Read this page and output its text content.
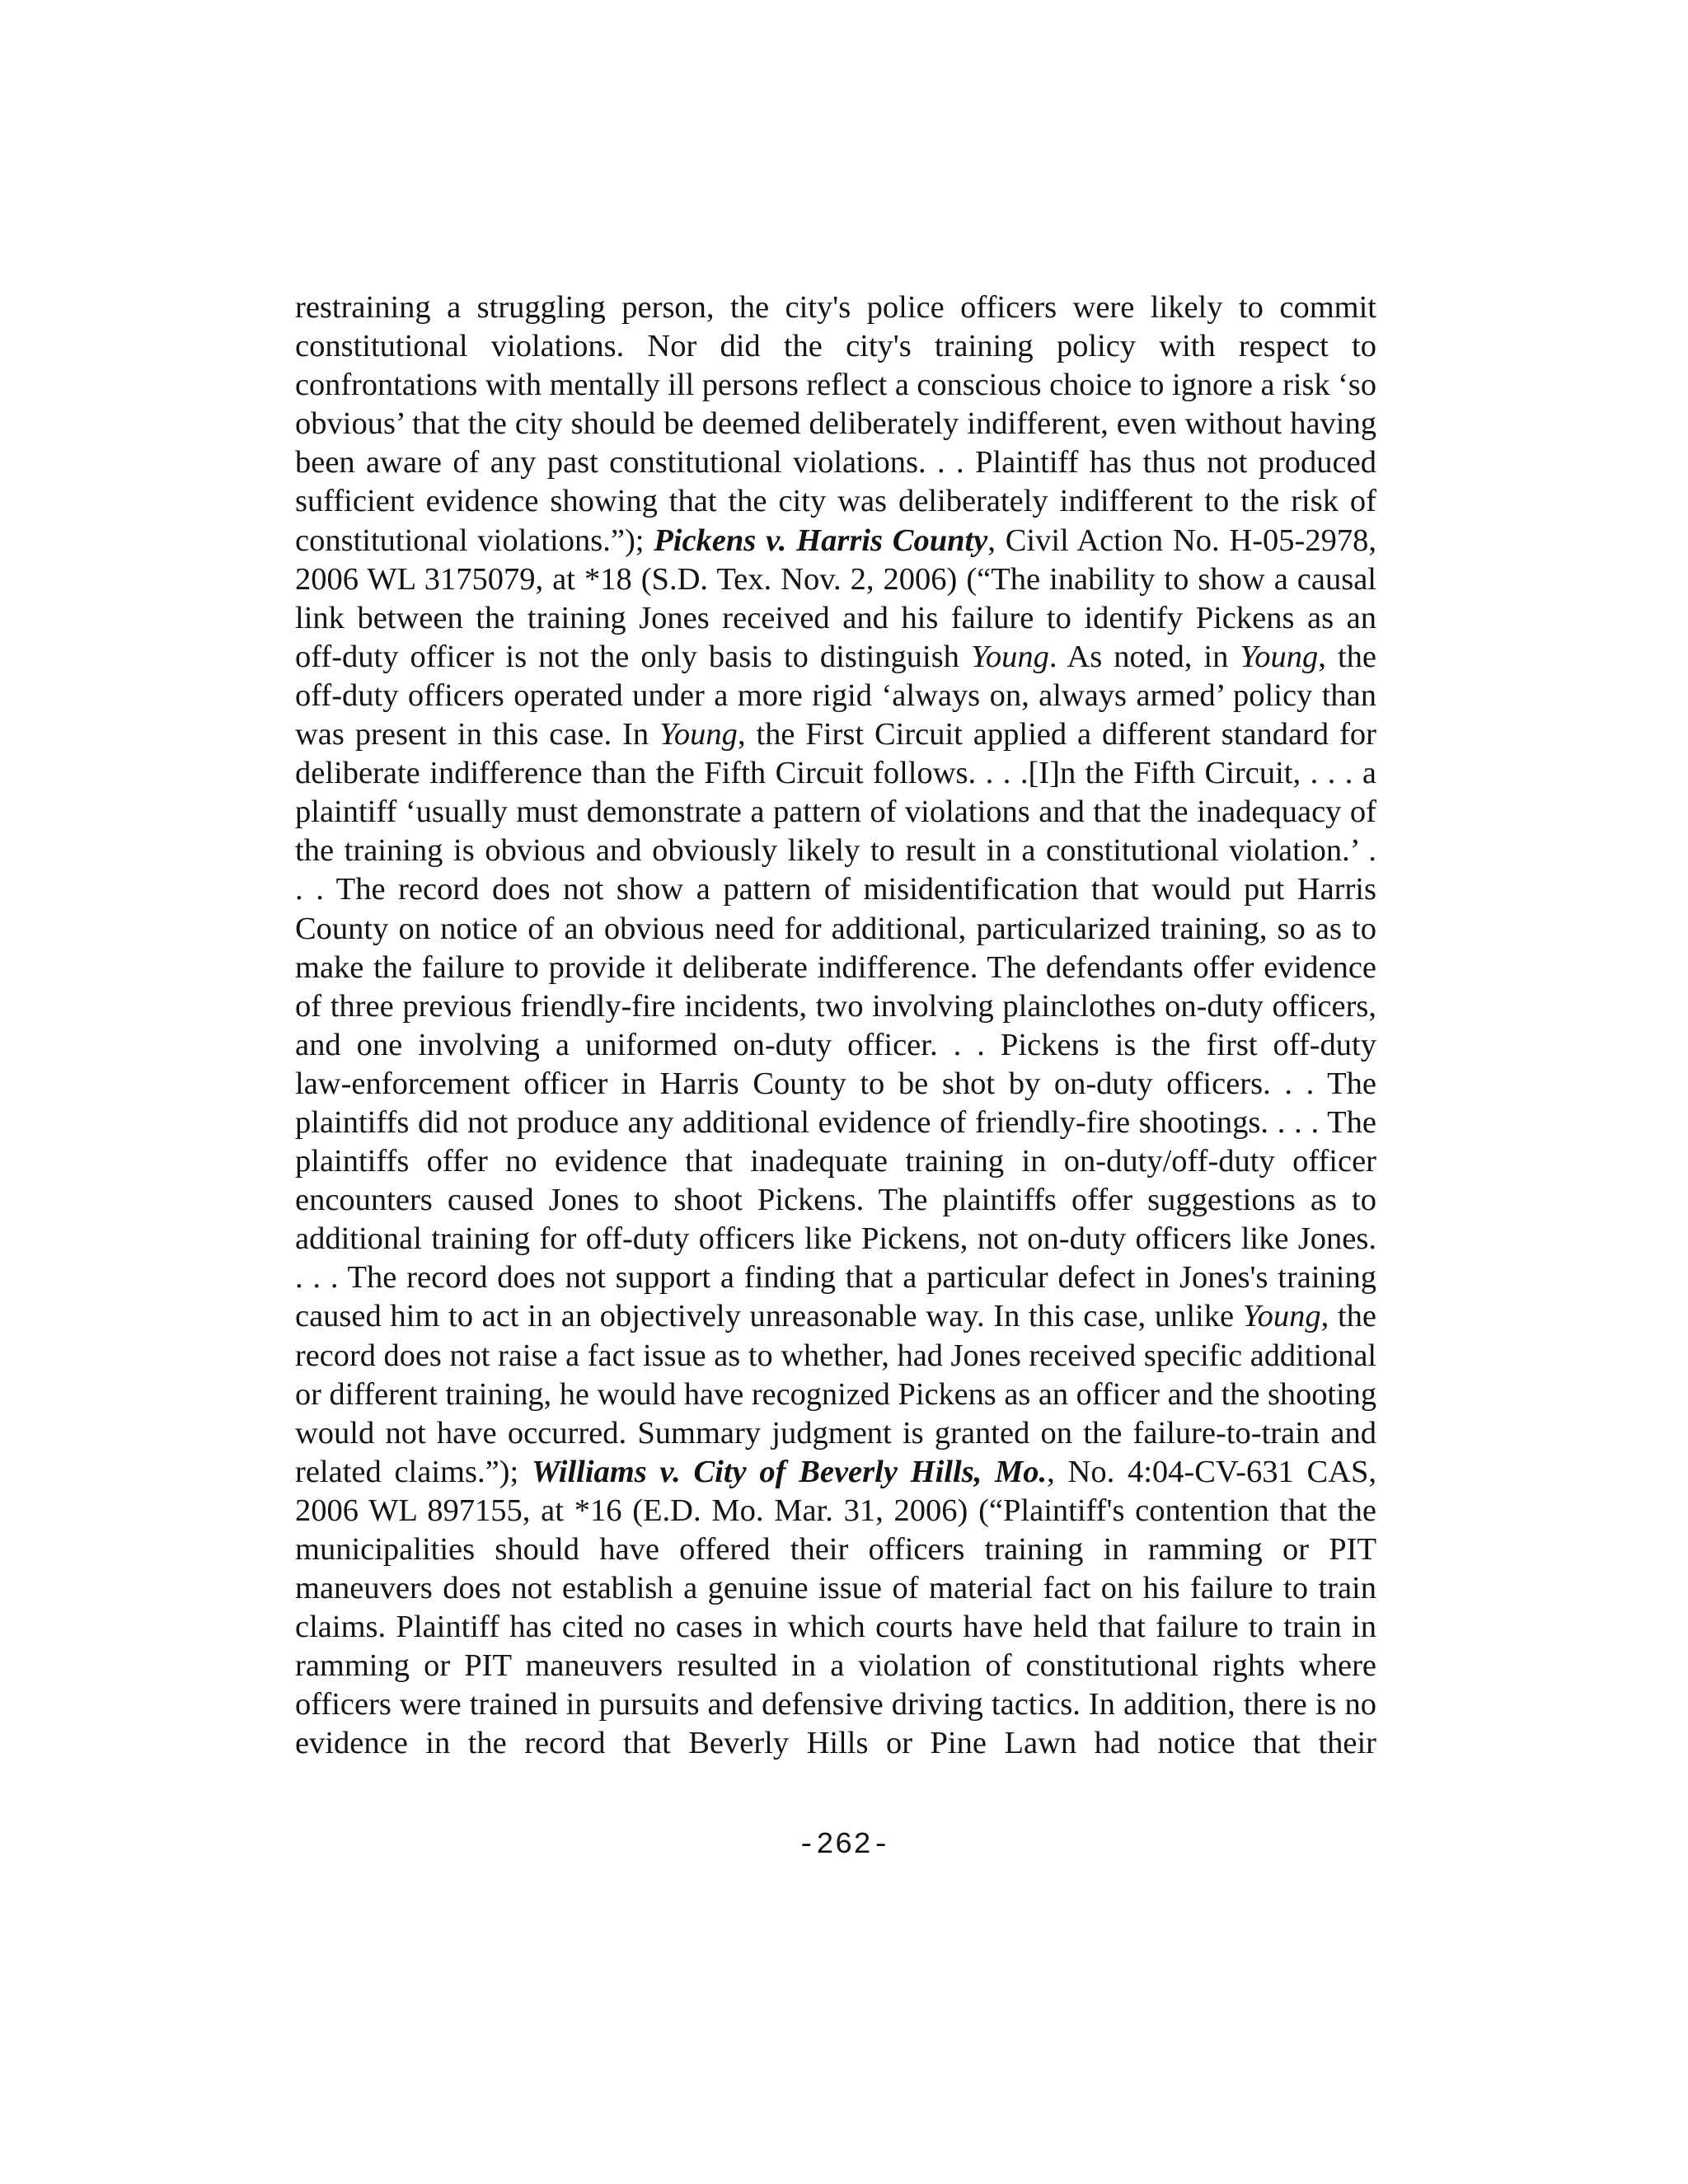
restraining a struggling person, the city's police officers were likely to commit
constitutional violations. Nor did the city's training policy with respect to
confrontations with mentally ill persons reflect a conscious choice to ignore a risk ‘so
obvious’ that the city should be deemed deliberately indifferent, even without having
been aware of any past constitutional violations. . . Plaintiff has thus not produced
sufficient evidence showing that the city was deliberately indifferent to the risk of
constitutional violations.”); Pickens v. Harris County, Civil Action No. H-05-2978,
2006 WL 3175079, at *18 (S.D. Tex. Nov. 2, 2006) (“The inability to show a causal
link between the training Jones received and his failure to identify Pickens as an
off-duty officer is not the only basis to distinguish Young. As noted, in Young, the
off-duty officers operated under a more rigid ‘always on, always armed’ policy than
was present in this case. In Young, the First Circuit applied a different standard for
deliberate indifference than the Fifth Circuit follows. . . .[I]n the Fifth Circuit, . . . a
plaintiff ‘usually must demonstrate a pattern of violations and that the inadequacy of
the training is obvious and obviously likely to result in a constitutional violation.’ .
. . The record does not show a pattern of misidentification that would put Harris
County on notice of an obvious need for additional, particularized training, so as to
make the failure to provide it deliberate indifference. The defendants offer evidence
of three previous friendly-fire incidents, two involving plainclothes on-duty officers,
and one involving a uniformed on-duty officer. . . Pickens is the first off-duty
law-enforcement officer in Harris County to be shot by on-duty officers. . . The
plaintiffs did not produce any additional evidence of friendly-fire shootings. . . . The
plaintiffs offer no evidence that inadequate training in on-duty/off-duty officer
encounters caused Jones to shoot Pickens. The plaintiffs offer suggestions as to
additional training for off-duty officers like Pickens, not on-duty officers like Jones.
. . . The record does not support a finding that a particular defect in Jones's training
caused him to act in an objectively unreasonable way. In this case, unlike Young, the
record does not raise a fact issue as to whether, had Jones received specific additional
or different training, he would have recognized Pickens as an officer and the shooting
would not have occurred. Summary judgment is granted on the failure-to-train and
related claims.”); Williams v. City of Beverly Hills, Mo., No. 4:04-CV-631 CAS,
2006 WL 897155, at *16 (E.D. Mo. Mar. 31, 2006) (“Plaintiff's contention that the
municipalities should have offered their officers training in ramming or PIT
maneuvers does not establish a genuine issue of material fact on his failure to train
claims. Plaintiff has cited no cases in which courts have held that failure to train in
ramming or PIT maneuvers resulted in a violation of constitutional rights where
officers were trained in pursuits and defensive driving tactics. In addition, there is no
evidence in the record that Beverly Hills or Pine Lawn had notice that their
-262-
